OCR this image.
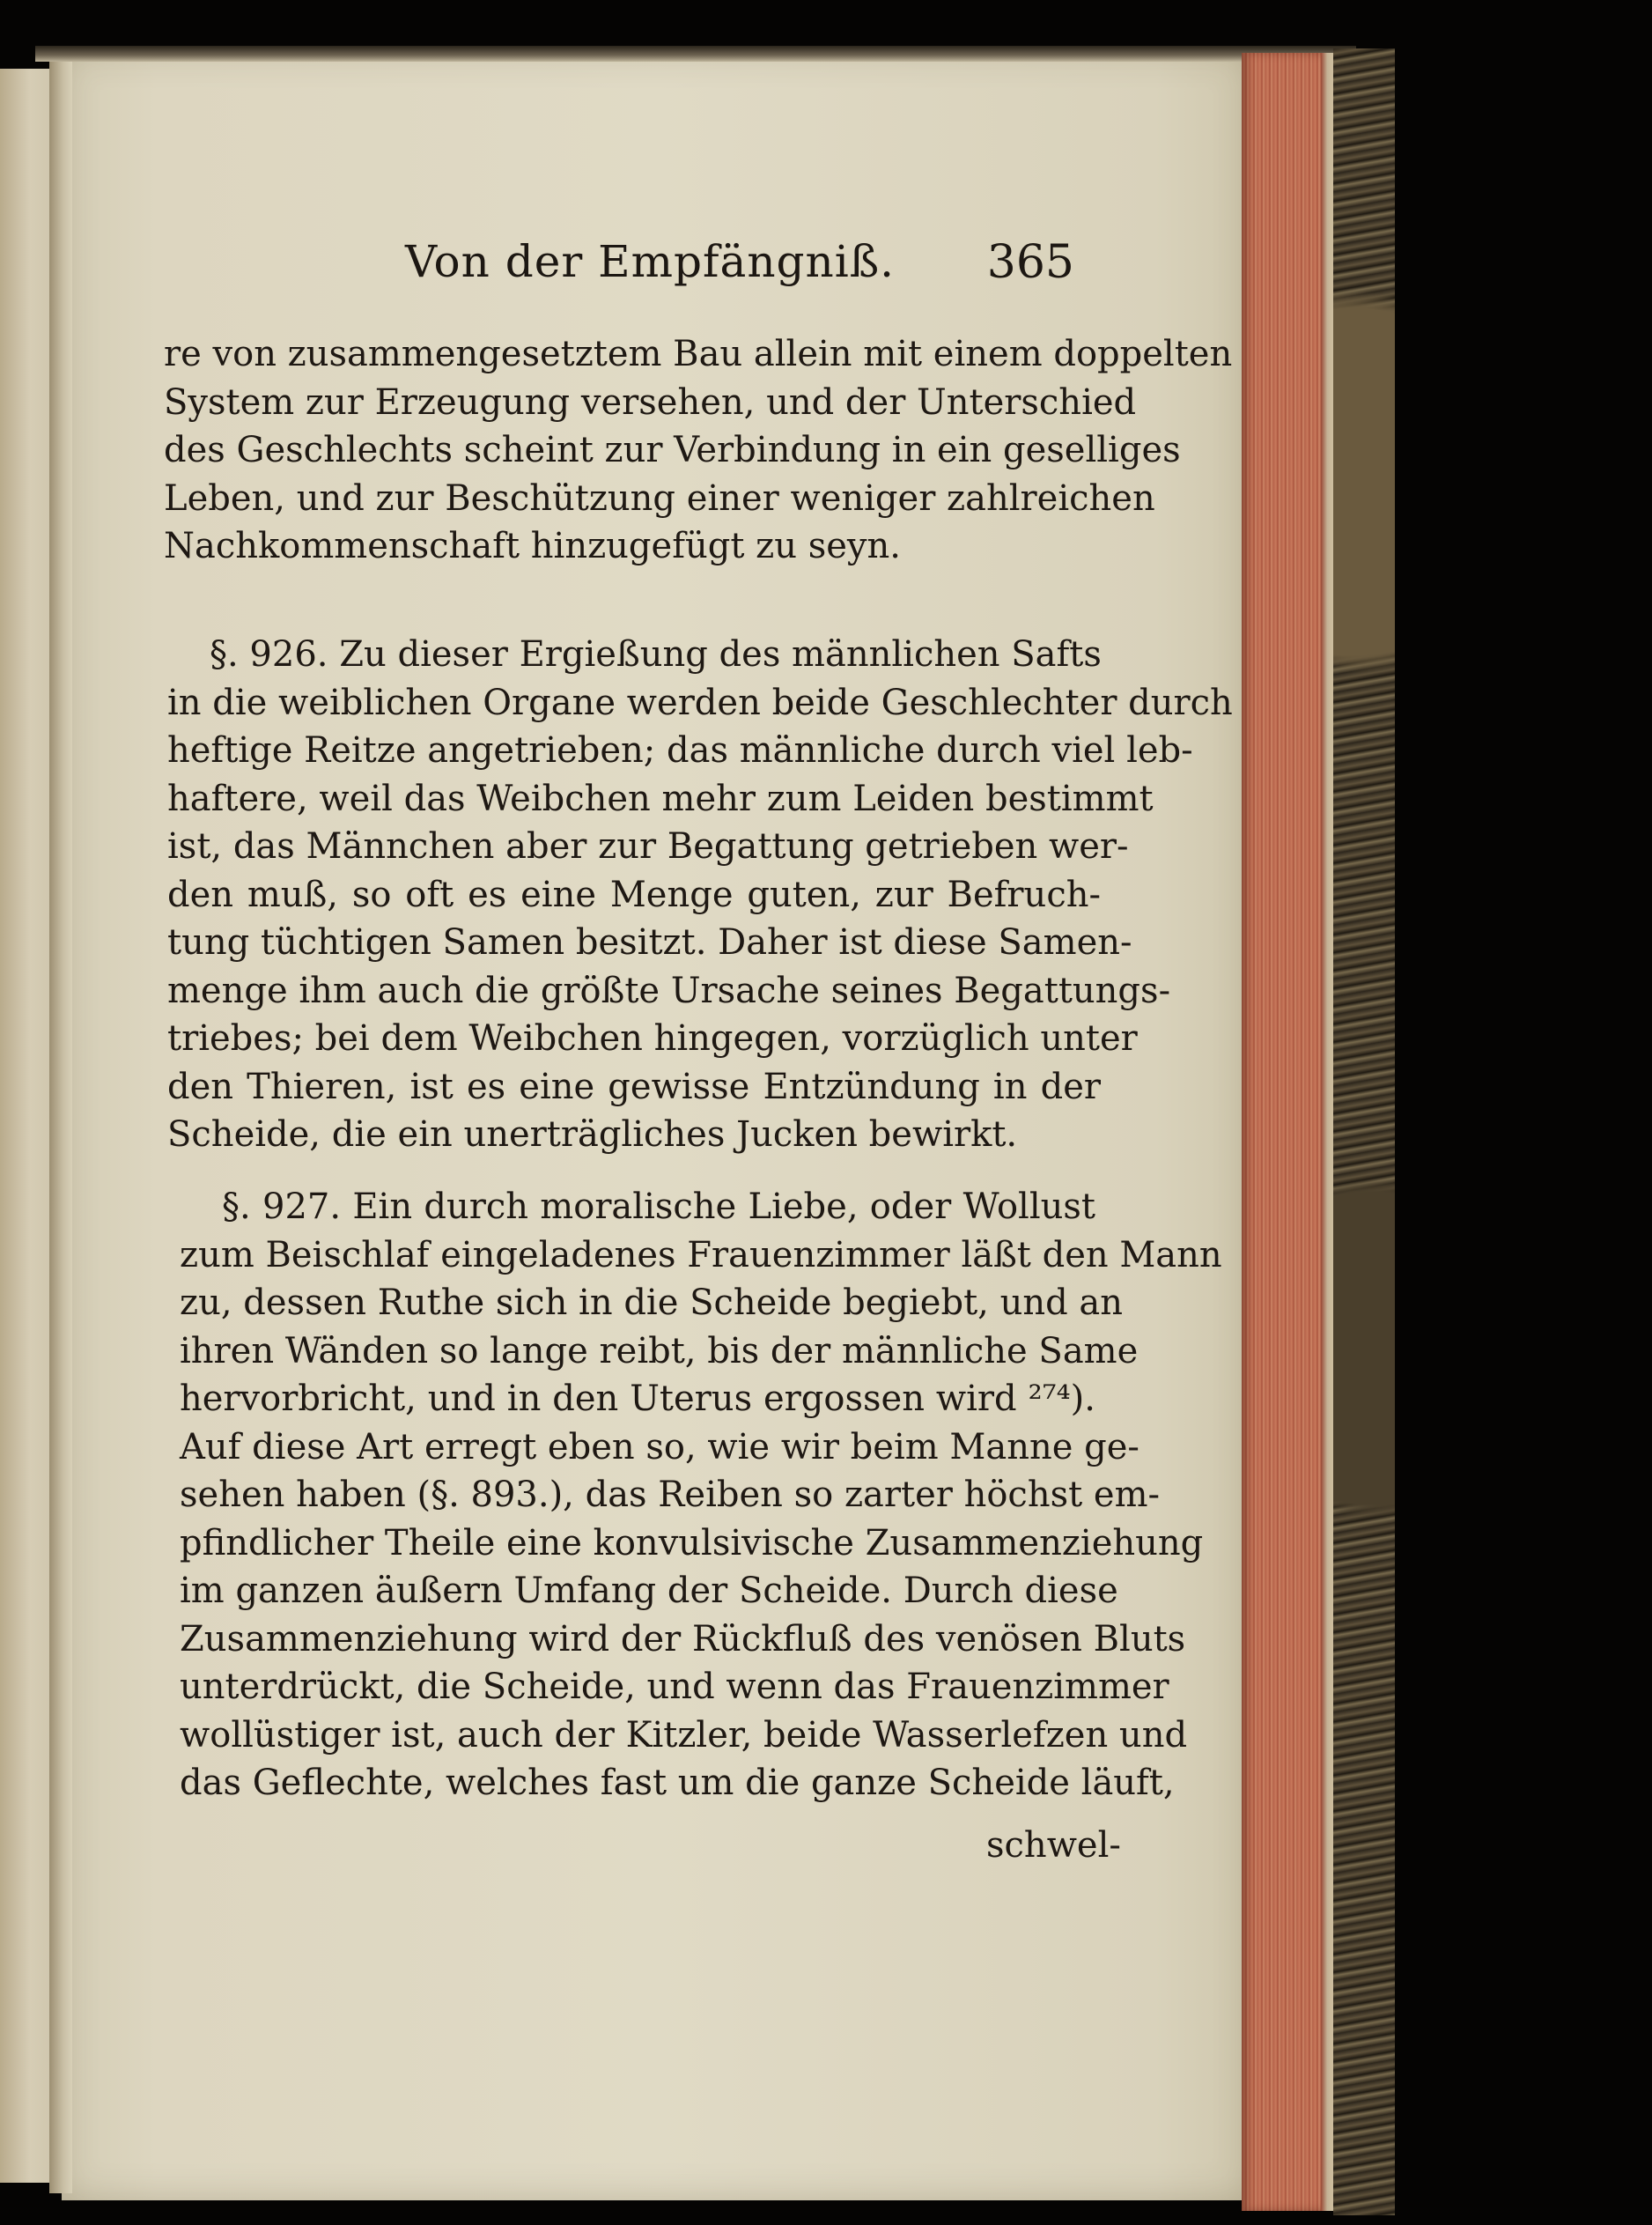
Von der Empfängniß. 365
re von zusammengesetztem Bau allein mit einem doppelten
System zur Erzeugung versehen, und der Unterschied
des Geschlechts scheint zur Verbindung in ein geselliges
Leben, und zur Beschützung einer weniger zahlreichen
Nachkommenschaft hinzugefügt zu seyn.
§. 926. Zu dieser Ergießung des männlichen Safts
in die weiblichen Organe werden beide Geschlechter durch
heftige Reitze angetrieben; das männliche durch viel leb-
haftere, weil das Weibchen mehr zum Leiden bestimmt
ist, das Männchen aber zur Begattung getrieben wer-
den muß, so oft es eine Menge guten, zur Befruch-
tung tüchtigen Samen besitzt. Daher ist diese Samen-
menge ihm auch die größte Ursache seines Begattungs-
triebes; bei dem Weibchen hingegen, vorzüglich unter
den Thieren, ist es eine gewisse Entzündung in der
Scheide, die ein unerträgliches Jucken bewirkt.
§. 927. Ein durch moralische Liebe, oder Wollust
zum Beischlaf eingeladenes Frauenzimmer läßt den Mann
zu, dessen Ruthe sich in die Scheide begiebt, und an
ihren Wänden so lange reibt, bis der männliche Same
hervorbricht, und in den Uterus ergossen wird ²⁷⁴).
Auf diese Art erregt eben so, wie wir beim Manne ge-
sehen haben (§. 893.), das Reiben so zarter höchst em-
pfindlicher Theile eine konvulsivische Zusammenziehung
im ganzen äußern Umfang der Scheide. Durch diese
Zusammenziehung wird der Rückfluß des venösen Bluts
unterdrückt, die Scheide, und wenn das Frauenzimmer
wollüstiger ist, auch der Kitzler, beide Wasserlefzen und
das Geflechte, welches fast um die ganze Scheide läuft,
schwel-
